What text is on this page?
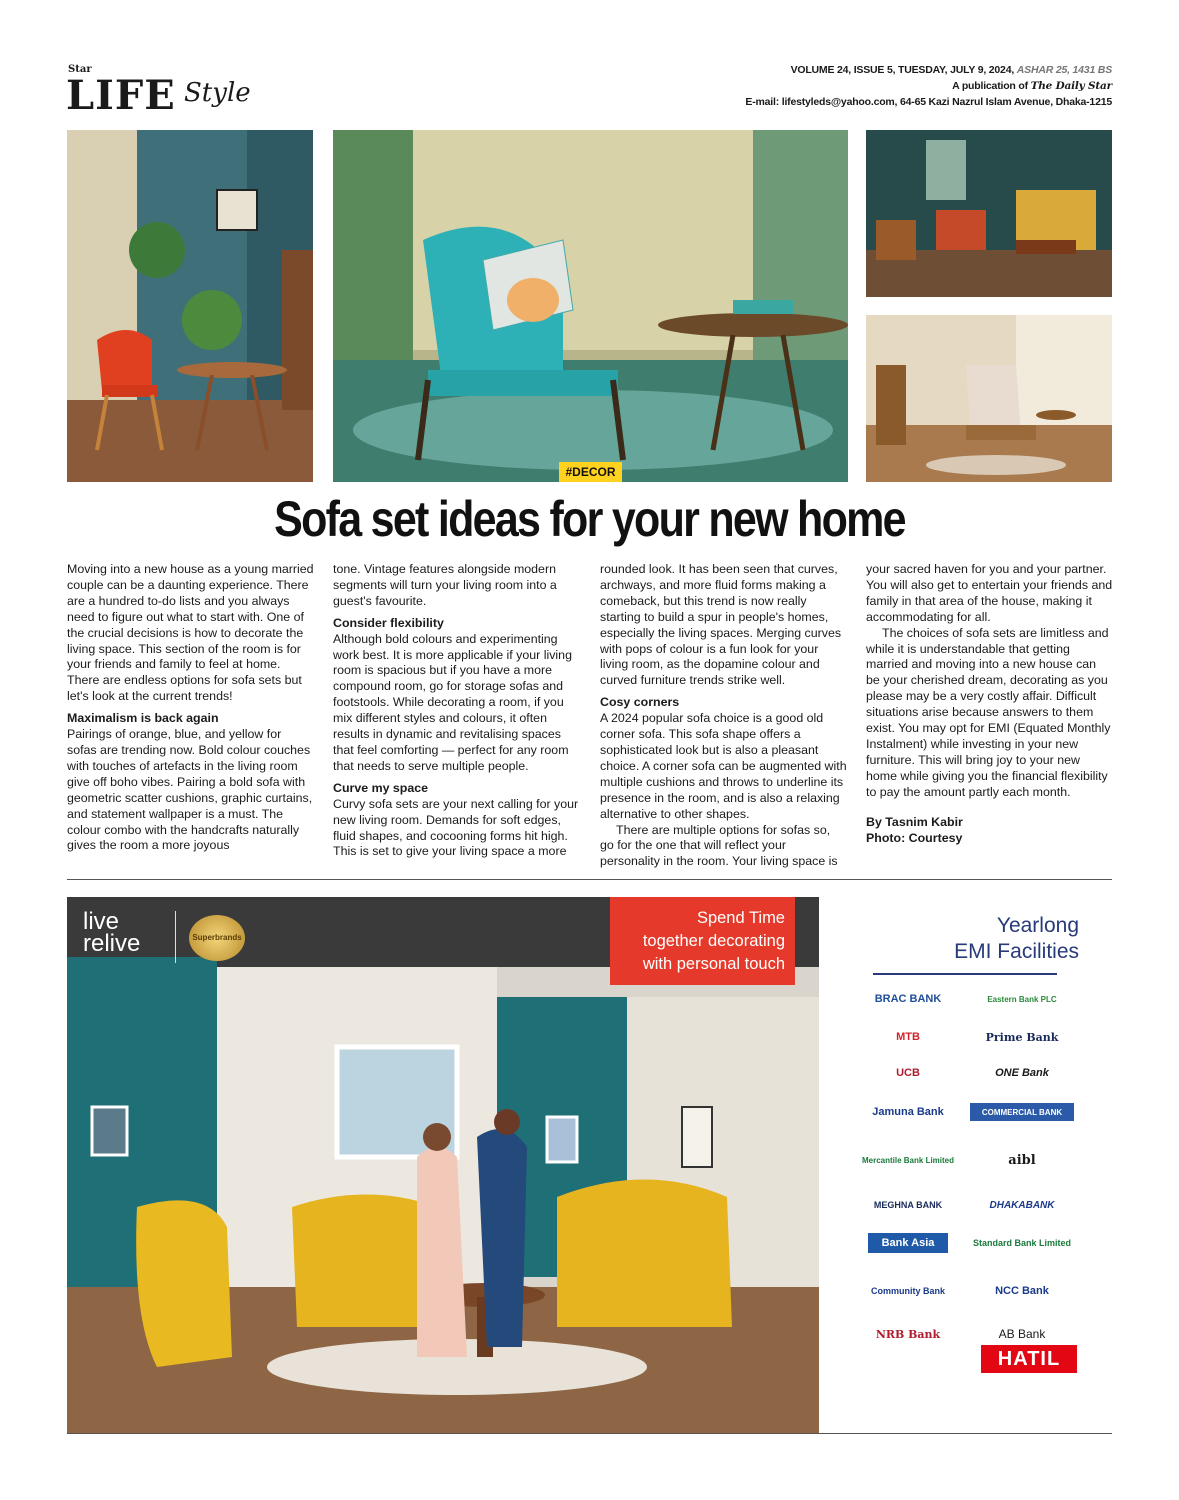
Star
LIFE Style
VOLUME 24, ISSUE 5, TUESDAY, JULY 9, 2024, ASHAR 25, 1431 BS
A publication of The Daily Star
E-mail: lifestyleds@yahoo.com, 64-65 Kazi Nazrul Islam Avenue, Dhaka-1215
#DECOR
Sofa set ideas for your new home

Moving into a new house as a young married couple can be a daunting experience. There are a hundred to-do lists and you always need to figure out what to start with. One of the crucial decisions is how to decorate the living space. This section of the room is for your friends and family to feel at home. There are endless options for sofa sets but let's look at the current trends!

Maximalism is back again

Pairings of orange, blue, and yellow for sofas are trending now. Bold colour couches with touches of artefacts in the living room give off boho vibes. Pairing a bold sofa with geometric scatter cushions, graphic curtains, and statement wallpaper is a must. The colour combo with the handcrafts naturally gives the room a more joyous

tone. Vintage features alongside modern segments will turn your living room into a guest's favourite.

Consider flexibility

Although bold colours and experimenting work best. It is more applicable if your living room is spacious but if you have a more compound room, go for storage sofas and footstools. While decorating a room, if you mix different styles and colours, it often results in dynamic and revitalising spaces that feel comforting — perfect for any room that needs to serve multiple people.

Curve my space

Curvy sofa sets are your next calling for your new living room. Demands for soft edges, fluid shapes, and cocooning forms hit high. This is set to give your living space a more

rounded look. It has been seen that curves, archways, and more fluid forms making a comeback, but this trend is now really starting to build a spur in people's homes, especially the living spaces. Merging curves with pops of colour is a fun look for your living room, as the dopamine colour and curved furniture trends strike well.

Cosy corners

A 2024 popular sofa choice is a good old corner sofa. This sofa shape offers a sophisticated look but is also a pleasant choice. A corner sofa can be augmented with multiple cushions and throws to underline its presence in the room, and is also a relaxing alternative to other shapes.

There are multiple options for sofas so, go for the one that will reflect your personality in the room. Your living space is

your sacred haven for you and your partner. You will also get to entertain your friends and family in that area of the house, making it accommodating for all.

The choices of sofa sets are limitless and while it is understandable that getting married and moving into a new house can be your cherished dream, decorating as you please may be a very costly affair. Difficult situations arise because answers to them exist. You may opt for EMI (Equated Monthly Instalment) while investing in your new furniture. This will bring joy to your new home while giving you the financial flexibility to pay the amount partly each month.

By Tasnim Kabir

Photo: Courtesy

live
relive	Superbrands
Spend Time
together decorating
with personal touch
Yearlong
EMI Facilities
BRAC BANK	Eastern Bank PLC
MTB	Prime Bank
UCB	ONE Bank
Jamuna Bank	COMMERCIAL BANK
Mercantile Bank Limited	aibl
MEGHNA BANK	DHAKABANK
Bank Asia	Standard Bank Limited
Community Bank	NCC Bank
NRB Bank	AB Bank
HATIL
